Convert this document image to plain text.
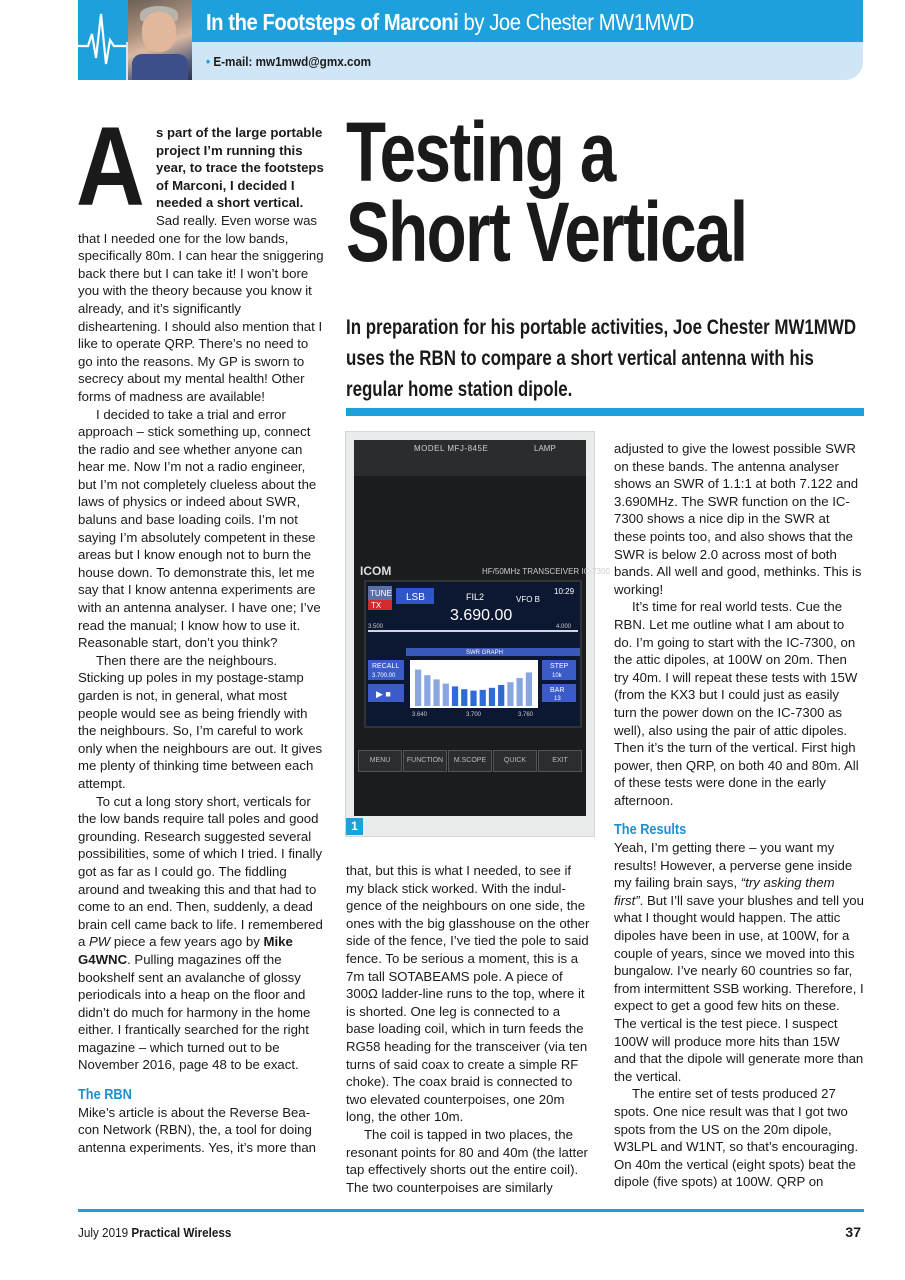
In the Footsteps of Marconi by Joe Chester MW1MWD
• E-mail: mw1mwd@gmx.com
Testing a
Short Vertical
In preparation for his portable activities, Joe Chester MW1MWD uses the RBN to compare a short vertical antenna with his regular home station dipole.
A s part of the large portable project I’m running this year, to trace the footsteps of Marconi, I decided I needed a short vertical. Sad really. Even worse was that I needed one for the low bands, specifically 80m. I can hear the sniggering back there but I can take it! I won’t bore you with the theory because you know it already, and it’s significantly disheartening. I should also mention that I like to operate QRP. There’s no need to go into the reasons. My GP is sworn to secrecy about my mental health! Other forms of madness are available!

I decided to take a trial and error approach – stick something up, connect the radio and see whether anyone can hear me. Now I’m not a radio engineer, but I’m not completely clueless about the laws of physics or indeed about SWR, baluns and base loading coils. I’m not saying I’m absolutely competent in these areas but I know enough not to burn the house down. To demonstrate this, let me say that I know antenna experiments are with an antenna analyser. I have one; I’ve read the manual; I know how to use it. Reasonable start, don’t you think?

Then there are the neighbours. Sticking up poles in my postage-stamp garden is not, in general, what most people would see as being friendly with the neighbours. So, I’m careful to work only when the neighbours are out. It gives me plenty of thinking time between each attempt.

To cut a long story short, verticals for the low bands require tall poles and good grounding. Research suggested several possibilities, some of which I tried. I finally got as far as I could go. The fiddling around and tweaking this and that had to come to an end. Then, suddenly, a dead brain cell came back to life. I remembered a PW piece a few years ago by Mike G4WNC. Pulling magazines off the bookshelf sent an avalanche of glossy periodicals into a heap on the floor and didn’t do much for harmony in the home either. I frantically searched for the right magazine – which turned out to be November 2016, page 48 to be exact.

The RBN

Mike’s article is about the Reverse Beacon Network (RBN), the, a tool for doing antenna experiments. Yes, it’s more than

MODEL MFJ-845E	LAMP
ICOM	HF/50MHz TRANSCEIVER IC-7300
TUNE
TX
LSB	FIL2	VFO B
10:29
3.690.00
3.500	4.000
SWR GRAPH
RECALL
3.700.00
▶ ■
STEP
10k
BAR
13
3.640	3.700	3.760
MENU	FUNCTION	M.SCOPE	QUICK	EXIT
1

that, but this is what I needed, to see if my black stick worked. With the indulgence of the neighbours on one side, the ones with the big glasshouse on the other side of the fence, I’ve tied the pole to said fence. To be serious a moment, this is a 7m tall SOTABEAMS pole. A piece of 300Ω ladder-line runs to the top, where it is shorted. One leg is connected to a base loading coil, which in turn feeds the RG58 heading for the transceiver (via ten turns of said coax to create a simple RF choke). The coax braid is connected to two elevated counterpoises, one 20m long, the other 10m.

The coil is tapped in two places, the resonant points for 80 and 40m (the latter tap effectively shorts out the entire coil). The two counterpoises are similarly

adjusted to give the lowest possible SWR on these bands. The antenna analyser shows an SWR of 1.1:1 at both 7.122 and 3.690MHz. The SWR function on the IC-7300 shows a nice dip in the SWR at these points too, and also shows that the SWR is below 2.0 across most of both bands. All well and good, methinks. This is working!

It’s time for real world tests. Cue the RBN. Let me outline what I am about to do. I’m going to start with the IC-7300, on the attic dipoles, at 100W on 20m. Then try 40m. I will repeat these tests with 15W (from the KX3 but I could just as easily turn the power down on the IC-7300 as well), also using the pair of attic dipoles. Then it’s the turn of the vertical. First high power, then QRP, on both 40 and 80m. All of these tests were done in the early afternoon.

The Results

Yeah, I’m getting there – you want my results! However, a perverse gene inside my failing brain says, “try asking them first”. But I’ll save your blushes and tell you what I thought would happen. The attic dipoles have been in use, at 100W, for a couple of years, since we moved into this bungalow. I’ve nearly 60 countries so far, from intermittent SSB working. Therefore, I expect to get a good few hits on these. The vertical is the test piece. I suspect 100W will produce more hits than 15W and that the dipole will generate more than the vertical.

The entire set of tests produced 27 spots. One nice result was that I got two spots from the US on the 20m dipole, W3LPL and W1NT, so that’s encouraging. On 40m the vertical (eight spots) beat the dipole (five spots) at 100W. QRP on

July 2019 Practical Wireless	37
